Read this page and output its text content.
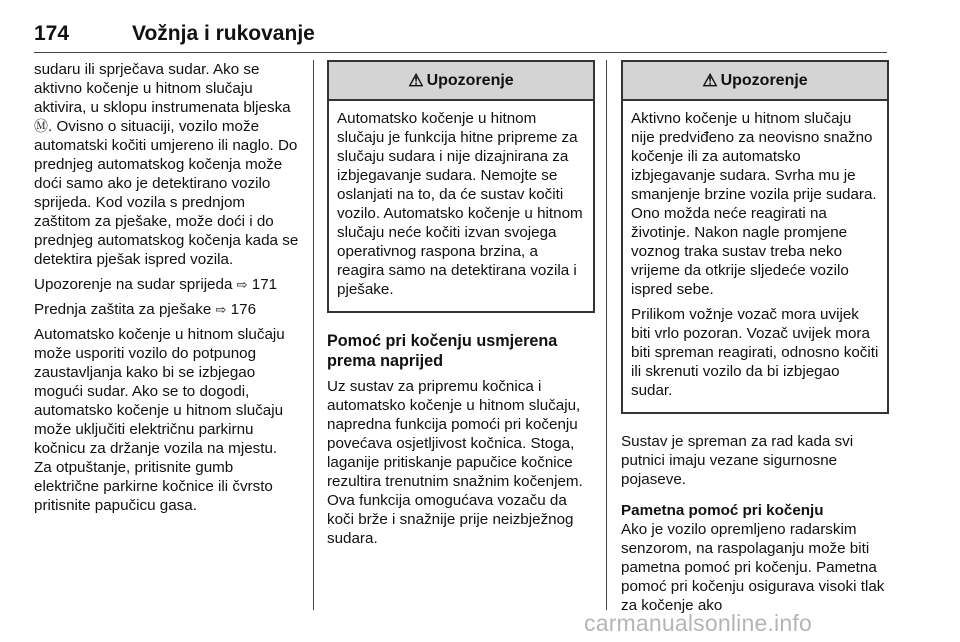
174	Vožnja i rukovanje

sudaru ili sprječava sudar. Ako se aktivno kočenje u hitnom slučaju aktivira, u sklopu instrumenata bljeska Ⓜ. Ovisno o situaciji, vozilo može automatski kočiti umjereno ili naglo. Do prednjeg automatskog kočenja može doći samo ako je detektirano vozilo sprijeda. Kod vozila s prednjom zaštitom za pješake, može doći i do prednjeg automatskog kočenja kada se detektira pješak ispred vozila.

Upozorenje na sudar sprijeda ⇨ 171

Prednja zaštita za pješake ⇨ 176

Automatsko kočenje u hitnom slučaju može usporiti vozilo do potpunog zaustavljanja kako bi se izbjegao mogući sudar. Ako se to dogodi, automatsko kočenje u hitnom slučaju može uključiti električnu parkirnu kočnicu za držanje vozila na mjestu. Za otpuštanje, pritisnite gumb električne parkirne kočnice ili čvrsto pritisnite papučicu gasa.

⚠ Upozorenje

Automatsko kočenje u hitnom slučaju je funkcija hitne pripreme za slučaju sudara i nije dizajnirana za izbjegavanje sudara. Nemojte se oslanjati na to, da će sustav kočiti vozilo. Automatsko kočenje u hitnom slučaju neće kočiti izvan svojega operativnog raspona brzina, a reagira samo na detektirana vozila i pješake.

Pomoć pri kočenju usmjerena prema naprijed

Uz sustav za pripremu kočnica i automatsko kočenje u hitnom slučaju, napredna funkcija pomoći pri kočenju povećava osjetljivost kočnica. Stoga, laganije pritiskanje papučice kočnice rezultira trenutnim snažnim kočenjem. Ova funkcija omogućava vozaču da koči brže i snažnije prije neizbježnog sudara.

⚠ Upozorenje

Aktivno kočenje u hitnom slučaju nije predviđeno za neovisno snažno kočenje ili za automatsko izbjegavanje sudara. Svrha mu je smanjenje brzine vozila prije sudara. Ono možda neće reagirati na životinje. Nakon nagle promjene voznog traka sustav treba neko vrijeme da otkrije sljedeće vozilo ispred sebe.

Prilikom vožnje vozač mora uvijek biti vrlo pozoran. Vozač uvijek mora biti spreman reagirati, odnosno kočiti ili skrenuti vozilo da bi izbjegao sudar.

Sustav je spreman za rad kada svi putnici imaju vezane sigurnosne pojaseve.

Pametna pomoć pri kočenju
Ako je vozilo opremljeno radarskim senzorom, na raspolaganju može biti pametna pomoć pri kočenju. Pametna pomoć pri kočenju osigurava visoki tlak za kočenje ako

carmanualsonline.info
